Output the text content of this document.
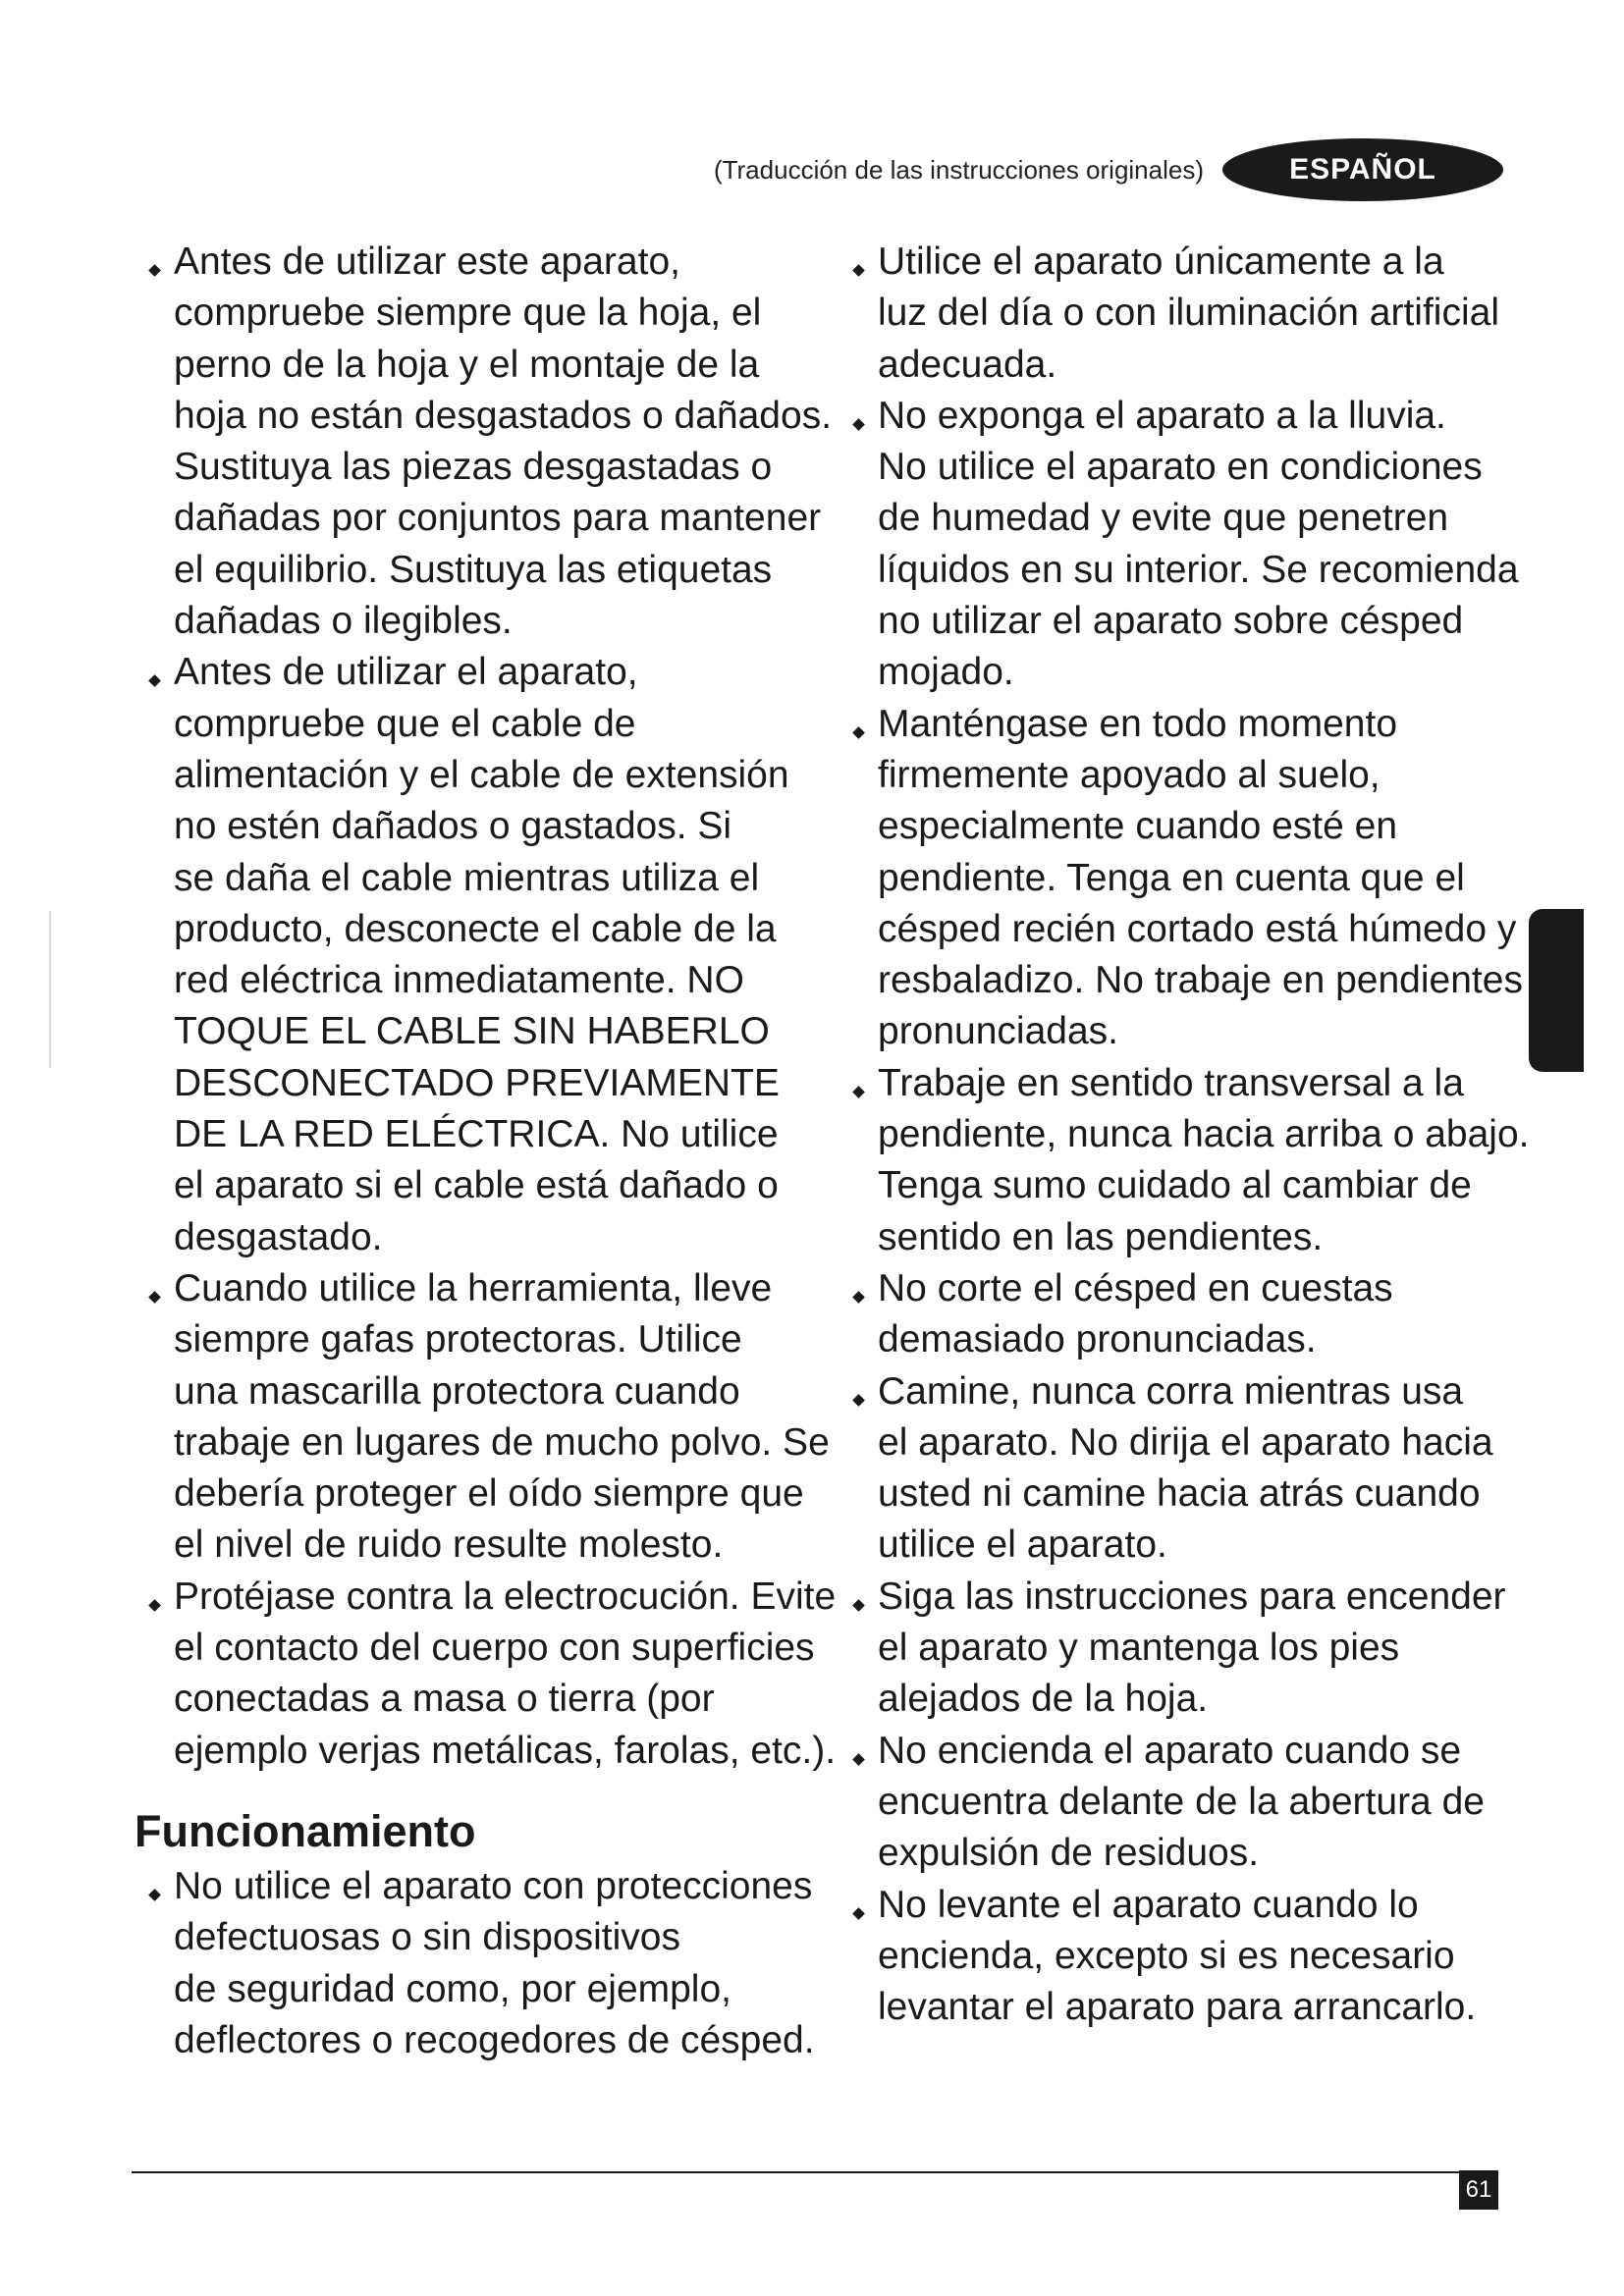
(Traducción de las instrucciones originales)	ESPAÑOL
Antes de utilizar este aparato,
compruebe siempre que la hoja, el
perno de la hoja y el montaje de la
hoja no están desgastados o dañados.
Sustituya las piezas desgastadas o
dañadas por conjuntos para mantener
el equilibrio. Sustituya las etiquetas
dañadas o ilegibles.
Antes de utilizar el aparato,
compruebe que el cable de
alimentación y el cable de extensión
no estén dañados o gastados. Si
se daña el cable mientras utiliza el
producto, desconecte el cable de la
red eléctrica inmediatamente. NO
TOQUE EL CABLE SIN HABERLO
DESCONECTADO PREVIAMENTE
DE LA RED ELÉCTRICA. No utilice
el aparato si el cable está dañado o
desgastado.
Cuando utilice la herramienta, lleve
siempre gafas protectoras. Utilice
una mascarilla protectora cuando
trabaje en lugares de mucho polvo. Se
debería proteger el oído siempre que
el nivel de ruido resulte molesto.
Protéjase contra la electrocución. Evite
el contacto del cuerpo con superficies
conectadas a masa o tierra (por
ejemplo verjas metálicas, farolas, etc.).
Funcionamiento
No utilice el aparato con protecciones
defectuosas o sin dispositivos
de seguridad como, por ejemplo,
deflectores o recogedores de césped.
Utilice el aparato únicamente a la
luz del día o con iluminación artificial
adecuada.
No exponga el aparato a la lluvia.
No utilice el aparato en condiciones
de humedad y evite que penetren
líquidos en su interior. Se recomienda
no utilizar el aparato sobre césped
mojado.
Manténgase en todo momento
firmemente apoyado al suelo,
especialmente cuando esté en
pendiente. Tenga en cuenta que el
césped recién cortado está húmedo y
resbaladizo. No trabaje en pendientes
pronunciadas.
Trabaje en sentido transversal a la
pendiente, nunca hacia arriba o abajo.
Tenga sumo cuidado al cambiar de
sentido en las pendientes.
No corte el césped en cuestas
demasiado pronunciadas.
Camine, nunca corra mientras usa
el aparato. No dirija el aparato hacia
usted ni camine hacia atrás cuando
utilice el aparato.
Siga las instrucciones para encender
el aparato y mantenga los pies
alejados de la hoja.
No encienda el aparato cuando se
encuentra delante de la abertura de
expulsión de residuos.
No levante el aparato cuando lo
encienda, excepto si es necesario
levantar el aparato para arrancarlo.
61
